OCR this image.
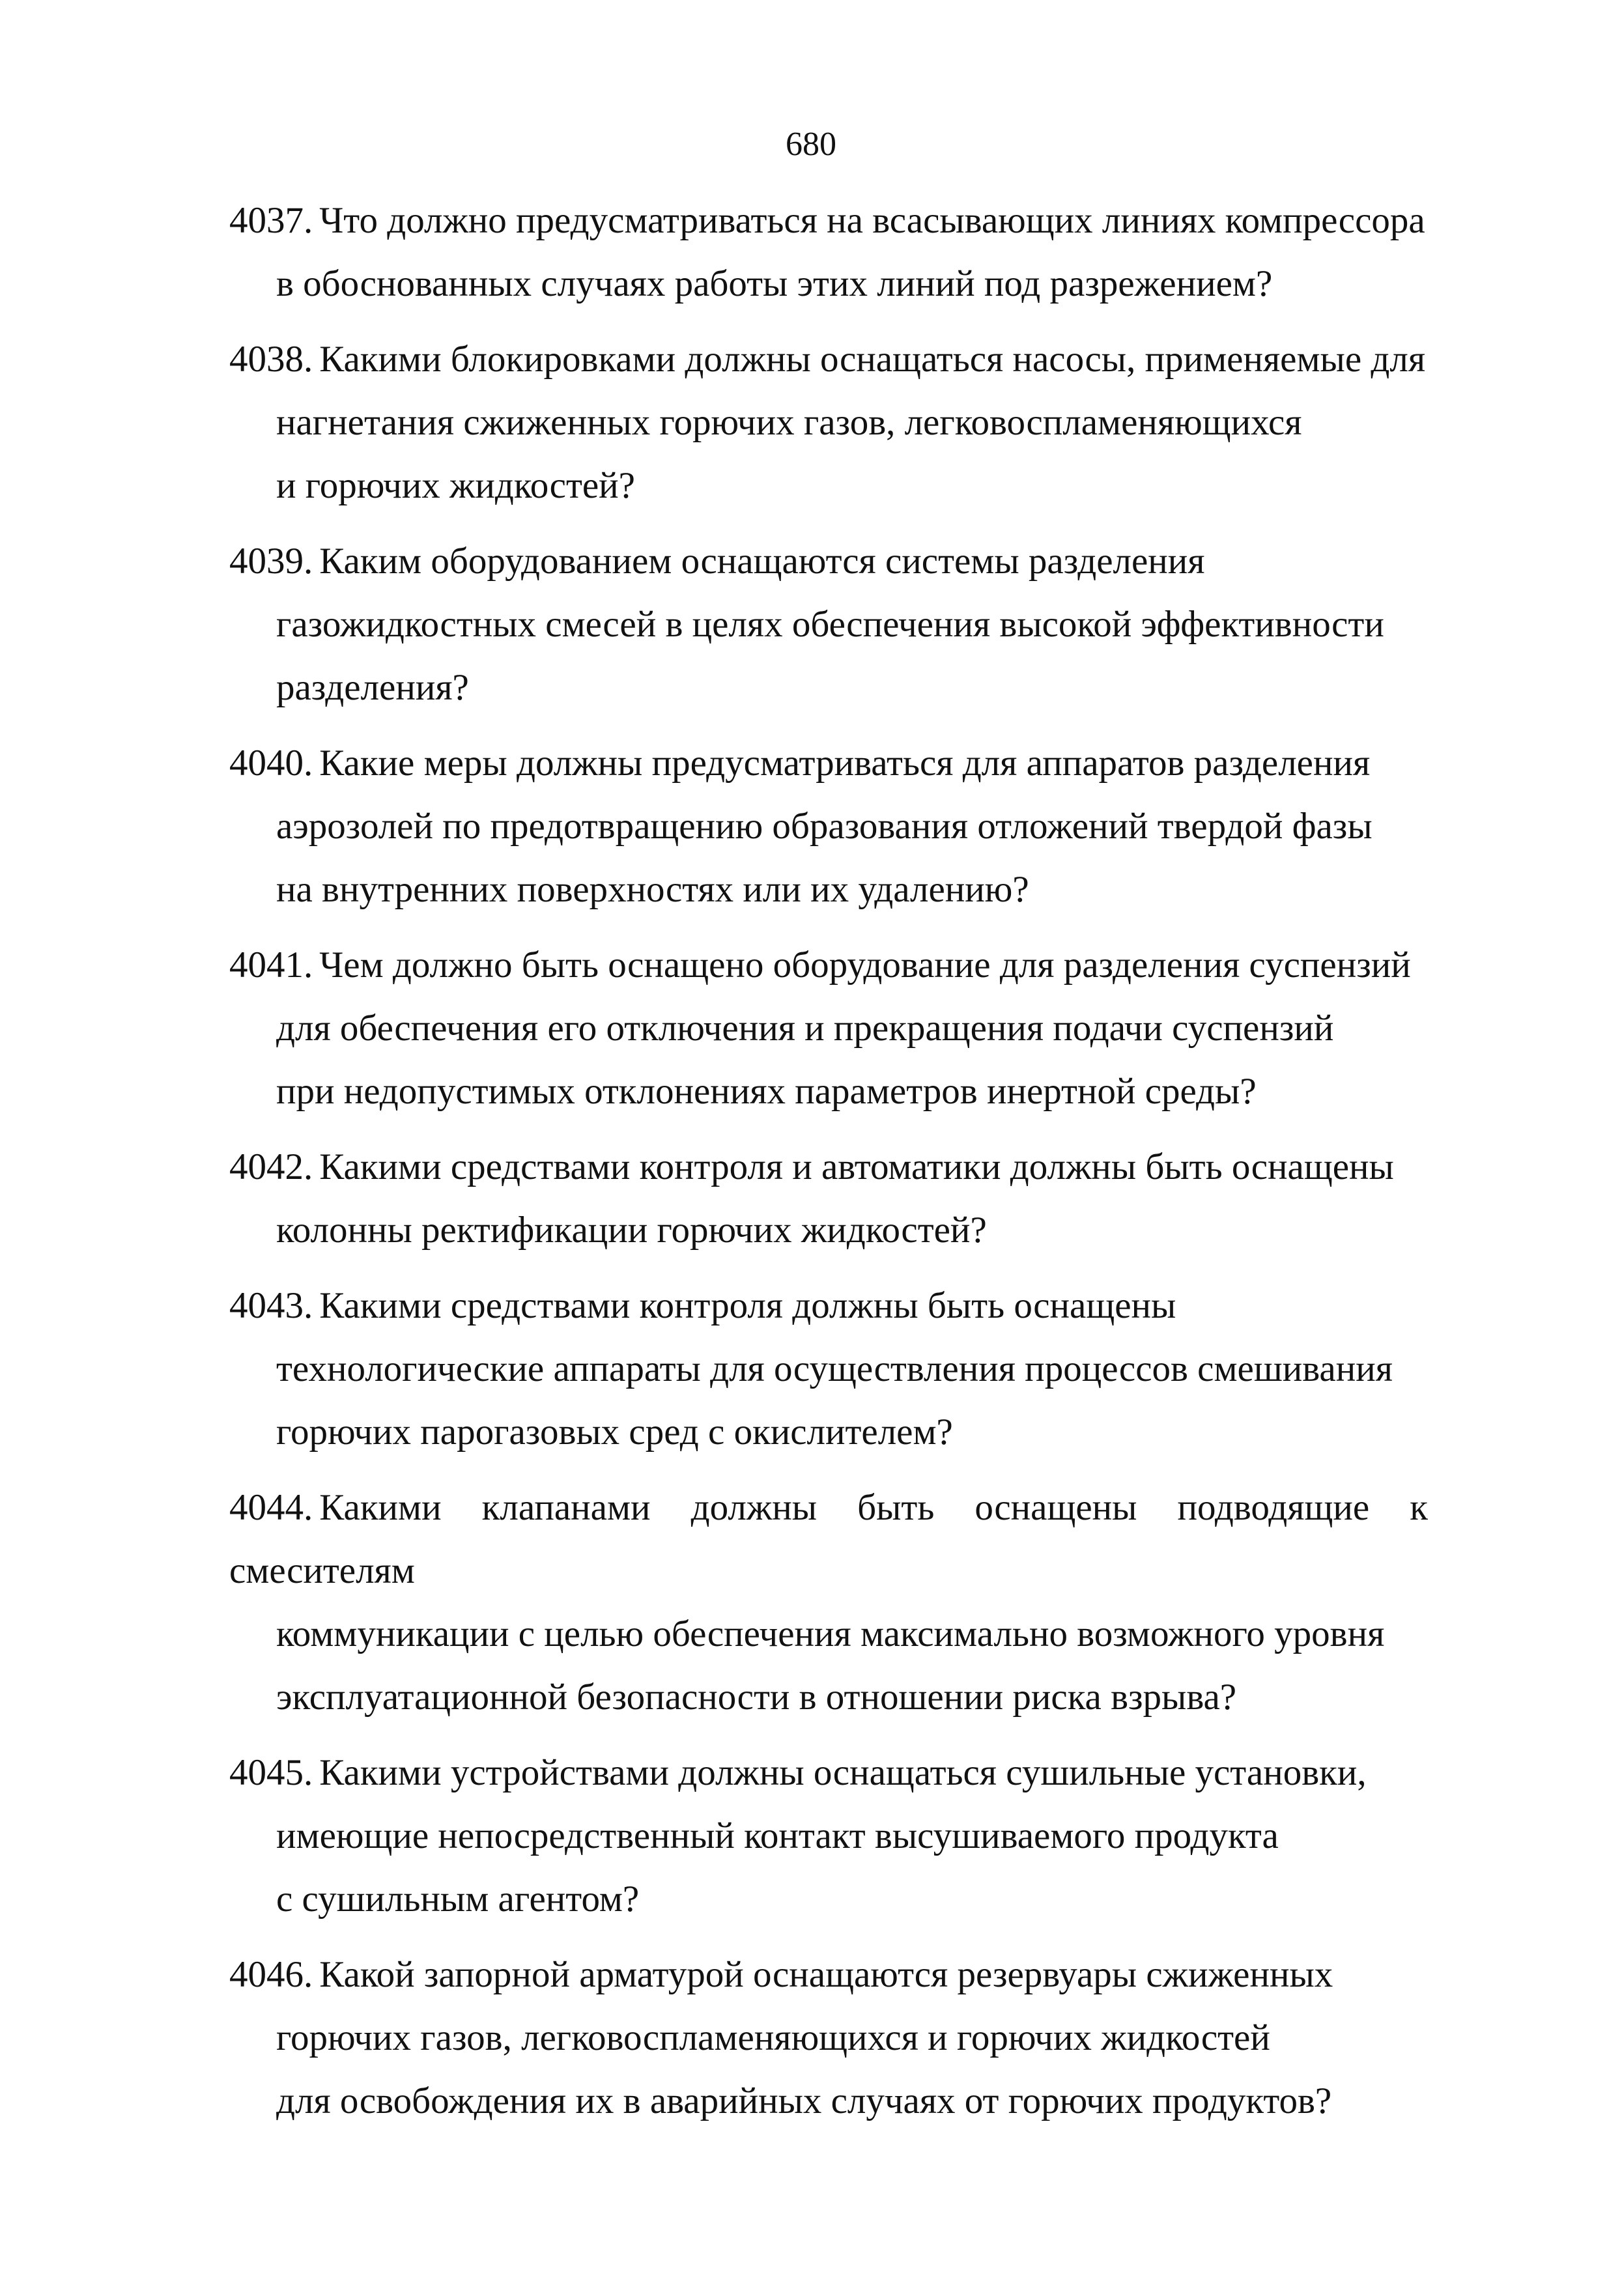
680
4037. Что должно предусматриваться на всасывающих линиях компрессора
в обоснованных случаях работы этих линий под разрежением?
4038. Какими блокировками должны оснащаться насосы, применяемые для
нагнетания сжиженных горючих газов, легковоспламеняющихся
и горючих жидкостей?
4039. Каким оборудованием оснащаются системы разделения
газожидкостных смесей в целях обеспечения высокой эффективности
разделения?
4040. Какие меры должны предусматриваться для аппаратов разделения
аэрозолей по предотвращению образования отложений твердой фазы
на внутренних поверхностях или их удалению?
4041. Чем должно быть оснащено оборудование для разделения суспензий
для обеспечения его отключения и прекращения подачи суспензий
при недопустимых отклонениях параметров инертной среды?
4042. Какими средствами контроля и автоматики должны быть оснащены
колонны ректификации горючих жидкостей?
4043. Какими средствами контроля должны быть оснащены
технологические аппараты для осуществления процессов смешивания
горючих парогазовых сред с окислителем?
4044. Какими клапанами должны быть оснащены подводящие к смесителям
коммуникации с целью обеспечения максимально возможного уровня
эксплуатационной безопасности в отношении риска взрыва?
4045. Какими устройствами должны оснащаться сушильные установки,
имеющие непосредственный контакт высушиваемого продукта
с сушильным агентом?
4046. Какой запорной арматурой оснащаются резервуары сжиженных
горючих газов, легковоспламеняющихся и горючих жидкостей
для освобождения их в аварийных случаях от горючих продуктов?
